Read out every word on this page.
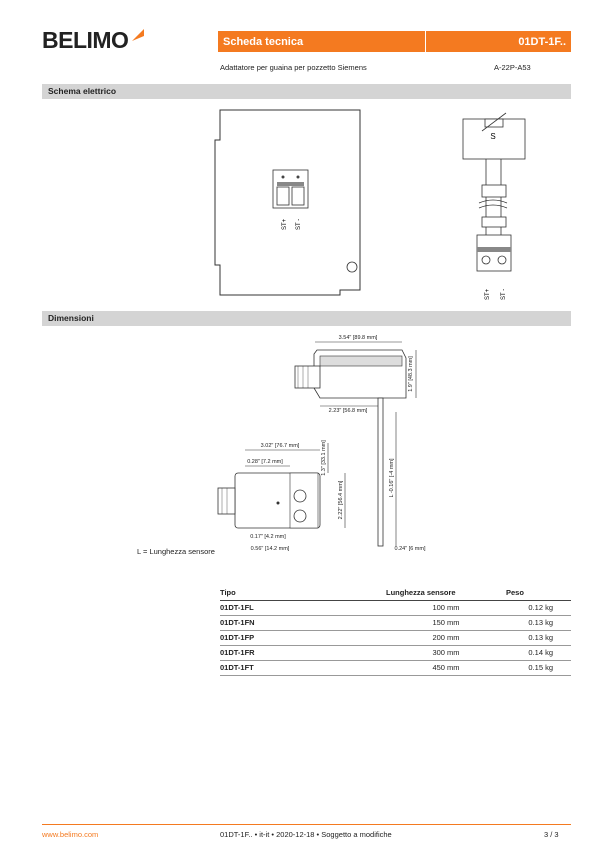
BELIMO	Scheda tecnica	01DT-1F..
Adattatore per guaina per pozzetto Siemens	A-22P-A53
Schema elettrico
ST+ ST -
S
ST+ ST -
Dimensioni
3.54" [89.8 mm]
1.9" [48.3 mm]
2.23" [56.8 mm]
L -0.16" [-4 mm]
0.24" [6 mm]
3.02" [76.7 mm]
0.28" [7.2 mm]	1.3" [33.1 mm]
2.22" [56.4 mm]
0.17" [4.2 mm]
0.56" [14.2 mm]
L = Lunghezza sensore
Tipo	Lunghezza sensore	Peso
01DT-1FL	100 mm	0.12 kg
01DT-1FN	150 mm	0.13 kg
01DT-1FP	200 mm	0.13 kg
01DT-1FR	300 mm	0.14 kg
01DT-1FT	450 mm	0.15 kg
www.belimo.com	01DT-1F.. • it-it • 2020-12-18 • Soggetto a modifiche	3 / 3
